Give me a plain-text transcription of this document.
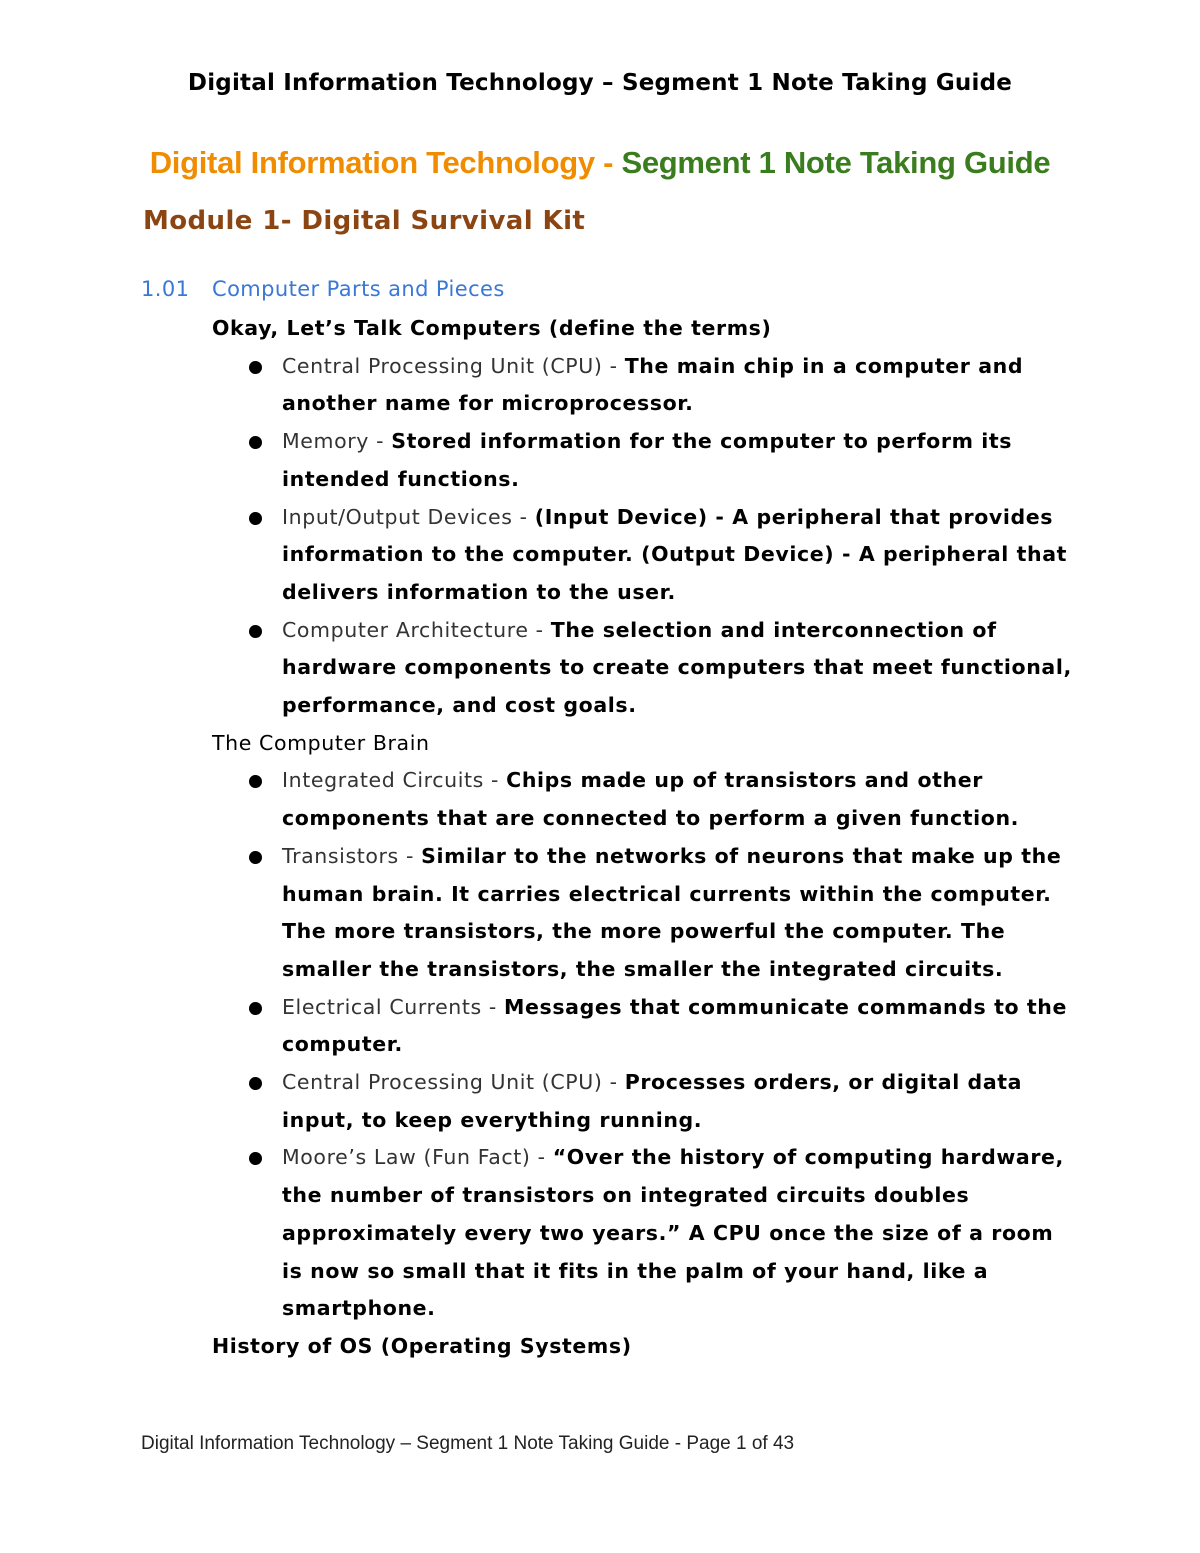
Digital Information Technology – Segment 1 Note Taking Guide
Digital Information Technology - Segment 1 Note Taking Guide
Module 1- Digital Survival Kit
1.01 Computer Parts and Pieces
Okay, Let’s Talk Computers (define the terms)
Central Processing Unit (CPU) - The main chip in a computer and another name for microprocessor.
Memory - Stored information for the computer to perform its intended functions.
Input/Output Devices - (Input Device) - A peripheral that provides information to the computer. (Output Device) - A peripheral that delivers information to the user.
Computer Architecture - The selection and interconnection of hardware components to create computers that meet functional, performance, and cost goals.
The Computer Brain
Integrated Circuits - Chips made up of transistors and other components that are connected to perform a given function.
Transistors - Similar to the networks of neurons that make up the human brain. It carries electrical currents within the computer. The more transistors, the more powerful the computer. The smaller the transistors, the smaller the integrated circuits.
Electrical Currents - Messages that communicate commands to the computer.
Central Processing Unit (CPU) - Processes orders, or digital data input, to keep everything running.
Moore’s Law (Fun Fact) - “Over the history of computing hardware, the number of transistors on integrated circuits doubles approximately every two years.” A CPU once the size of a room is now so small that it fits in the palm of your hand, like a smartphone.
History of OS (Operating Systems)
Digital Information Technology – Segment 1 Note Taking Guide - Page 1 of 43
